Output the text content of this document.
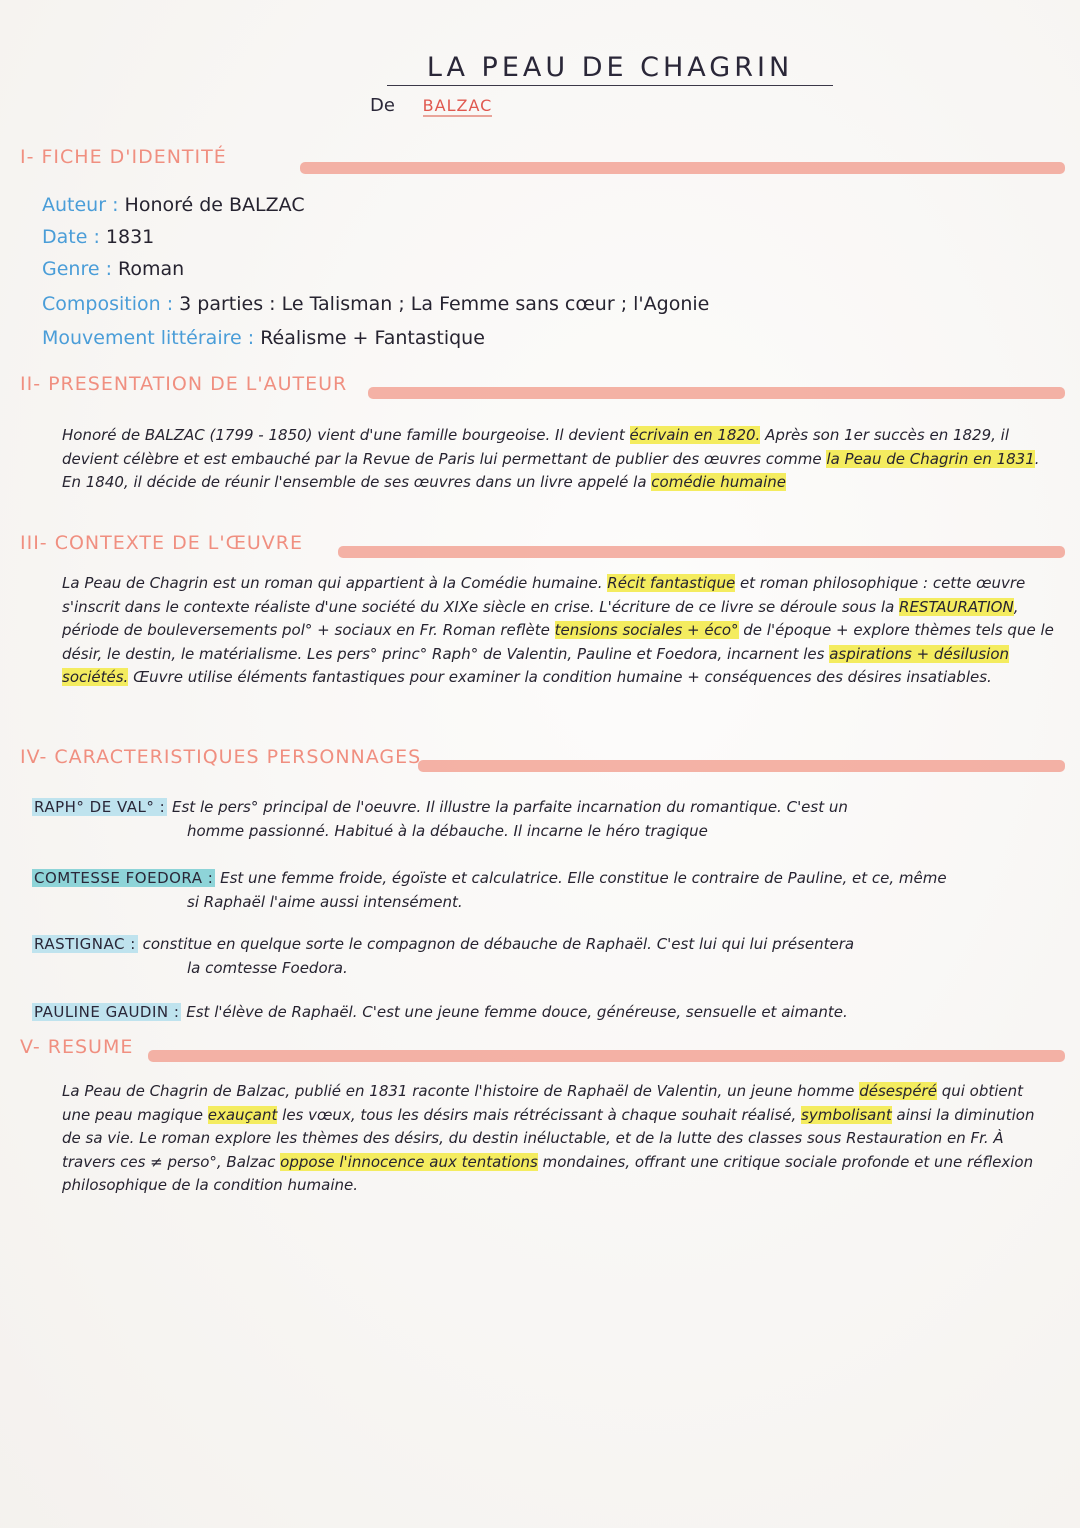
LA PEAU DE CHAGRIN
De BALZAC
I- FICHE D'IDENTITÉ
Auteur : Honoré de BALZAC
Date : 1831
Genre : Roman
Composition : 3 parties : Le Talisman ; La Femme sans cœur ; l'Agonie
Mouvement littéraire : Réalisme + Fantastique
II- PRESENTATION DE L'AUTEUR
Honoré de BALZAC (1799 - 1850) vient d'une famille bourgeoise. Il devient écrivain en 1820. Après son 1er succès en 1829, il devient célèbre et est embauché par la Revue de Paris lui permettant de publier des œuvres comme la Peau de Chagrin en 1831. En 1840, il décide de réunir l'ensemble de ses œuvres dans un livre appelé la comédie humaine
III- CONTEXTE DE L'ŒUVRE
La Peau de Chagrin est un roman qui appartient à la Comédie humaine. Récit fantastique et roman philosophique : cette œuvre s'inscrit dans le contexte réaliste d'une société du XIXe siècle en crise. L'écriture de ce livre se déroule sous la RESTAURATION, période de bouleversements pol° + sociaux en Fr. Roman reflète tensions sociales + éco° de l'époque + explore thèmes tels que le désir, le destin, le matérialisme. Les pers° princ° Raph° de Valentin, Pauline et Foedora, incarnent les aspirations + désilusion sociétés. Œuvre utilise éléments fantastiques pour examiner la condition humaine + conséquences des désires insatiables.
IV- CARACTERISTIQUES PERSONNAGES
RAPH° DE VAL° : Est le pers° principal de l'oeuvre. Il illustre la parfaite incarnation du romantique. C'est un
homme passionné. Habitué à la débauche. Il incarne le héro tragique
COMTESSE FOEDORA : Est une femme froide, égoïste et calculatrice. Elle constitue le contraire de Pauline, et ce, même
si Raphaël l'aime aussi intensément.
RASTIGNAC : constitue en quelque sorte le compagnon de débauche de Raphaël. C'est lui qui lui présentera
la comtesse Foedora.
PAULINE GAUDIN : Est l'élève de Raphaël. C'est une jeune femme douce, généreuse, sensuelle et aimante.
V- RESUME
La Peau de Chagrin de Balzac, publié en 1831 raconte l'histoire de Raphaël de Valentin, un jeune homme désespéré qui obtient une peau magique exauçant les vœux, tous les désirs mais rétrécissant à chaque souhait réalisé, symbolisant ainsi la diminution de sa vie. Le roman explore les thèmes des désirs, du destin inéluctable, et de la lutte des classes sous Restauration en Fr. À travers ces ≠ perso°, Balzac oppose l'innocence aux tentations mondaines, offrant une critique sociale profonde et une réflexion philosophique de la condition humaine.
